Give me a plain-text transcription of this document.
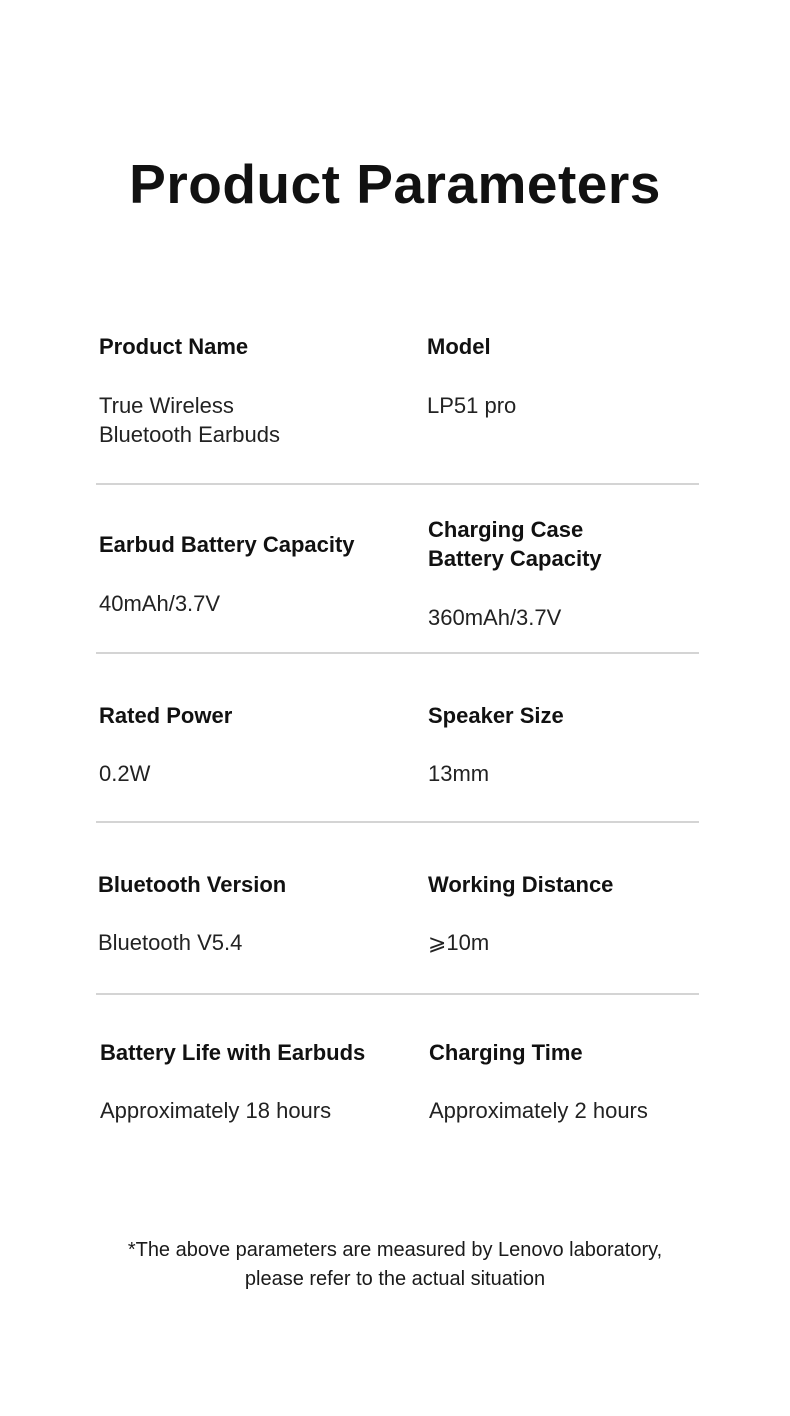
Product Parameters
Product Name
True Wireless
Bluetooth Earbuds
Model
LP51 pro
Earbud Battery Capacity
40mAh/3.7V
Charging Case
Battery Capacity
360mAh/3.7V
Rated Power
0.2W
Speaker Size
13mm
Bluetooth Version
Bluetooth V5.4
Working Distance
⩾10m
Battery Life with Earbuds
Approximately 18 hours
Charging Time
Approximately 2 hours
*The above parameters are measured by Lenovo laboratory,
please refer to the actual situation
